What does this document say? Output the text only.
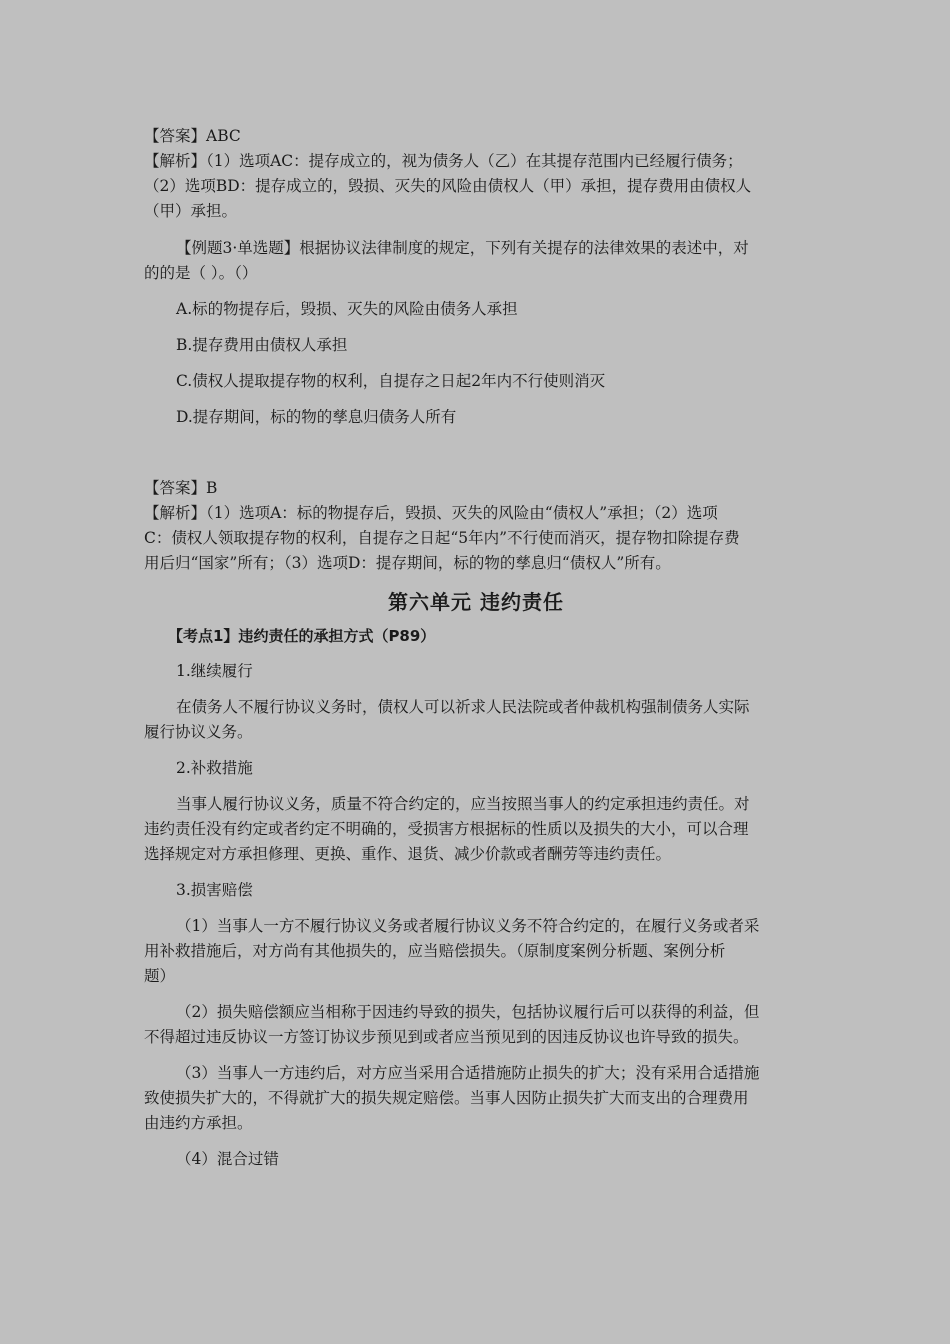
【答案】ABC

【解析】（1）选项AC：提存成立的，视为债务人（乙）在其提存范围内已经履行债务；

（2）选项BD：提存成立的，毁损、灭失的风险由债权人（甲）承担，提存费用由债权人

（甲）承担。

【例题3·单选题】根据协议法律制度的规定，下列有关提存的法律效果的表述中，对

的的是（ ）。（）

A.标的物提存后，毁损、灭失的风险由债务人承担

B.提存费用由债权人承担

C.债权人提取提存物的权利，自提存之日起2年内不行使则消灭

D.提存期间，标的物的孳息归债务人所有

【答案】B

【解析】（1）选项A：标的物提存后，毁损、灭失的风险由“债权人”承担；（2）选项

C：债权人领取提存物的权利，自提存之日起“5年内”不行使而消灭，提存物扣除提存费

用后归“国家”所有；（3）选项D：提存期间，标的物的孳息归“债权人”所有。

第六单元 违约责任

【考点1】违约责任的承担方式（P89）

1.继续履行

在债务人不履行协议义务时，债权人可以祈求人民法院或者仲裁机构强制债务人实际

履行协议义务。

2.补救措施

当事人履行协议义务，质量不符合约定的，应当按照当事人的约定承担违约责任。对

违约责任没有约定或者约定不明确的，受损害方根据标的性质以及损失的大小，可以合理

选择规定对方承担修理、更换、重作、退货、减少价款或者酬劳等违约责任。

3.损害赔偿

（1）当事人一方不履行协议义务或者履行协议义务不符合约定的，在履行义务或者采

用补救措施后，对方尚有其他损失的，应当赔偿损失。（原制度案例分析题、案例分析

题）

（2）损失赔偿额应当相称于因违约导致的损失，包括协议履行后可以获得的利益，但

不得超过违反协议一方签订协议步预见到或者应当预见到的因违反协议也许导致的损失。

（3）当事人一方违约后，对方应当采用合适措施防止损失的扩大；没有采用合适措施

致使损失扩大的，不得就扩大的损失规定赔偿。当事人因防止损失扩大而支出的合理费用

由违约方承担。

（4）混合过错
